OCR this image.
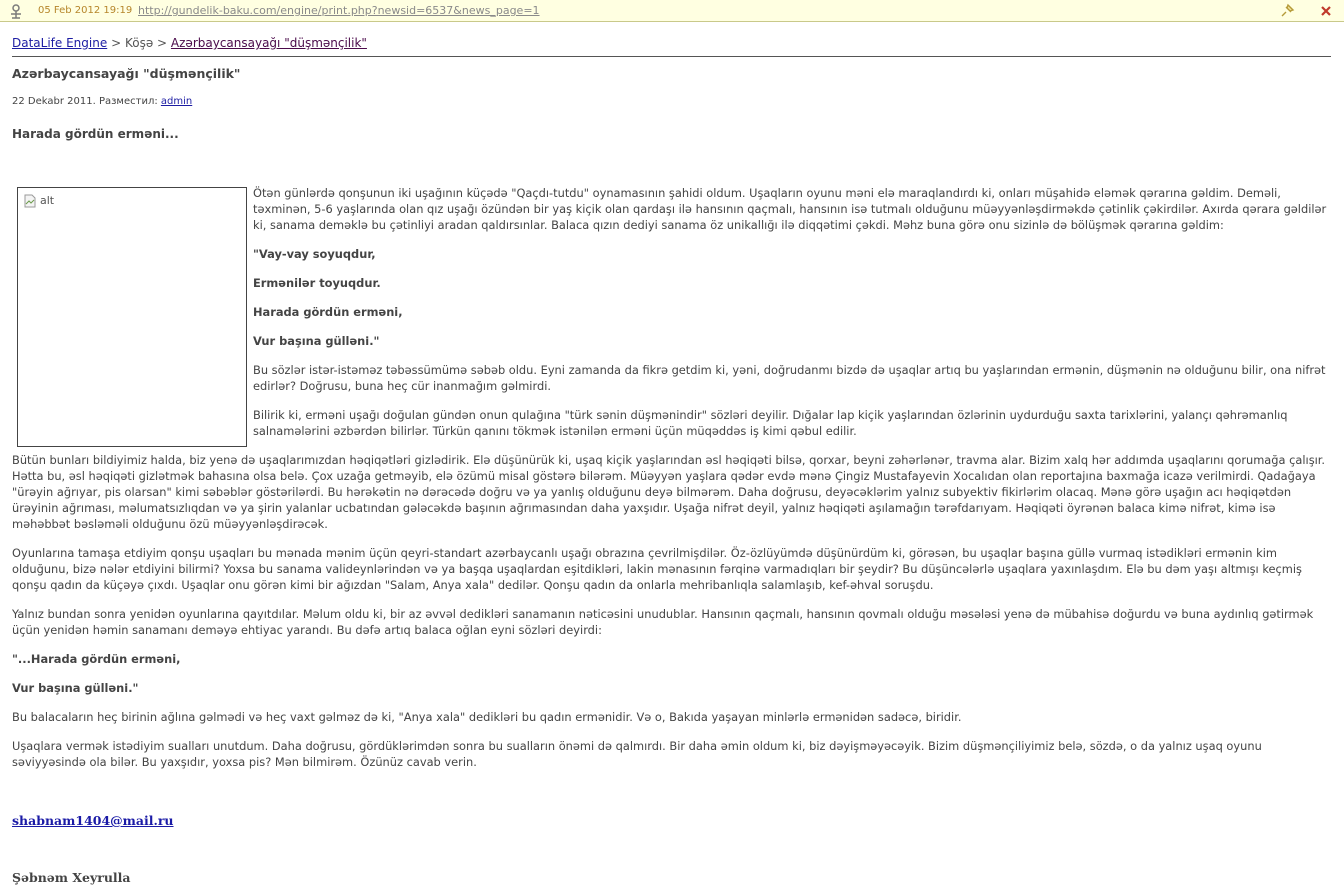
05 Feb 2012 19:19 http://gundelik-baku.com/engine/print.php?newsid=6537&news_page=1
DataLife Engine > Köşə > Azərbaycansayağı "düşmənçilik"
Azərbaycansayağı "düşmənçilik"
22 Dekabr 2011. Разместил: admin
Harada gördün erməni...
alt

Ötən günlərdə qonşunun iki uşağının küçədə "Qaçdı-tutdu" oynamasının şahidi oldum. Uşaqların oyunu məni elə maraqlandırdı ki, onları müşahidə eləmək qərarına gəldim. Deməli, təxminən, 5-6 yaşlarında olan qız uşağı özündən bir yaş kiçik olan qardaşı ilə hansının qaçmalı, hansının isə tutmalı olduğunu müəyyənləşdirməkdə çətinlik çəkirdilər. Axırda qərara gəldilər ki, sanama deməklə bu çətinliyi aradan qaldırsınlar. Balaca qızın dediyi sanama öz unikallığı ilə diqqətimi çəkdi. Məhz buna görə onu sizinlə də bölüşmək qərarına gəldim:

"Vay-vay soyuqdur,

Ermənilər toyuqdur.

Harada gördün erməni,

Vur başına güllənі."

Bu sözlər istər-istəməz təbəssümümə səbəb oldu. Eyni zamanda da fikrə getdim ki, yəni, doğrudanmı bizdə də uşaqlar artıq bu yaşlarından ermənin, düşmənin nə olduğunu bilir, ona nifrət edirlər? Doğrusu, buna heç cür inanmağım gəlmirdi.

Bilirik ki, erməni uşağı doğulan gündən onun qulağına "türk sənin düşmənindir" sözləri deyilir. Dığalar lap kiçik yaşlarından özlərinin uydurduğu saxta tarixlərini, yalançı qəhrəmanlıq salnamələrini əzbərdən bilirlər. Türkün qanını tökmək istənilən erməni üçün müqəddəs iş kimi qəbul edilir.

Bütün bunları bildiyimiz halda, biz yenə də uşaqlarımızdan həqiqətləri gizlədirik. Elə düşünürük ki, uşaq kiçik yaşlarından əsl həqiqəti bilsə, qorxar, beyni zəhərlənər, travma alar. Bizim xalq hər addımda uşaqlarını qorumağa çalışır. Hətta bu, əsl həqiqəti gizlətmək bahasına olsa belə. Çox uzağa getməyib, elə özümü misal göstərə bilərəm. Müəyyən yaşlara qədər evdə mənə Çingiz Mustafayevin Xocalıdan olan reportajına baxmağa icazə verilmirdi. Qadağaya "ürəyin ağrıyar, pis olarsan" kimi səbəblər göstərilərdi. Bu hərəkətin nə dərəcədə doğru və ya yanlış olduğunu deyə bilmərəm. Daha doğrusu, deyəcəklərim yalnız subyektiv fikirlərim olacaq. Mənə görə uşağın acı həqiqətdən ürəyinin ağrıması, məlumatsızlıqdan və ya şirin yalanlar ucbatından gələcəkdə başının ağrımasından daha yaxşıdır. Uşağa nifrət deyil, yalnız həqiqəti aşılamağın tərəfdarıyam. Həqiqəti öyrənən balaca kimə nifrət, kimə isə məhəbbət bəsləməli olduğunu özü müəyyənləşdirəcək.

Oyunlarına tamaşa etdiyim qonşu uşaqları bu mənada mənim üçün qeyri-standart azərbaycanlı uşağı obrazına çevrilmişdilər. Öz-özlüyümdə düşünürdüm ki, görəsən, bu uşaqlar başına güllə vurmaq istədikləri ermənin kim olduğunu, bizə nələr etdiyini bilirmi? Yoxsa bu sanama valideynlərindən və ya başqa uşaqlardan eşitdikləri, lakin mənasının fərqinə varmadıqları bir şeydir? Bu düşüncələrlə uşaqlara yaxınlaşdım. Elə bu dəm yaşı altmışı keçmiş qonşu qadın da küçəyə çıxdı. Uşaqlar onu görən kimi bir ağızdan "Salam, Anya xala" dedilər. Qonşu qadın da onlarla mehribanlıqla salamlaşıb, kef-əhval soruşdu.

Yalnız bundan sonra yenidən oyunlarına qayıtdılar. Məlum oldu ki, bir az əvvəl dedikləri sanamanın nəticəsini unudublar. Hansının qaçmalı, hansının qovmalı olduğu məsələsi yenə də mübahisə doğurdu və buna aydınlıq gətirmək üçün yenidən həmin sanamanı deməyə ehtiyac yarandı. Bu dəfə artıq balaca oğlan eyni sözləri deyirdi:

"...Harada gördün erməni,

Vur başına güllənі."

Bu balacaların heç birinin ağlına gəlmədi və heç vaxt gəlməz də ki, "Anya xala" dedikləri bu qadın ermənidir. Və o, Bakıda yaşayan minlərlə ermənidən sadəcə, biridir.

Uşaqlara vermək istədiyim sualları unutdum. Daha doğrusu, gördüklərimdən sonra bu sualların önəmi də qalmırdı. Bir daha əmin oldum ki, biz dəyişməyəcəyik. Bizim düşmənçiliyimiz belə, sözdə, o da yalnız uşaq oyunu səviyyəsində ola bilər. Bu yaxşıdır, yoxsa pis? Mən bilmirəm. Özünüz cavab verin.

shabnam1404@mail.ru
Şəbnəm Xeyrulla
